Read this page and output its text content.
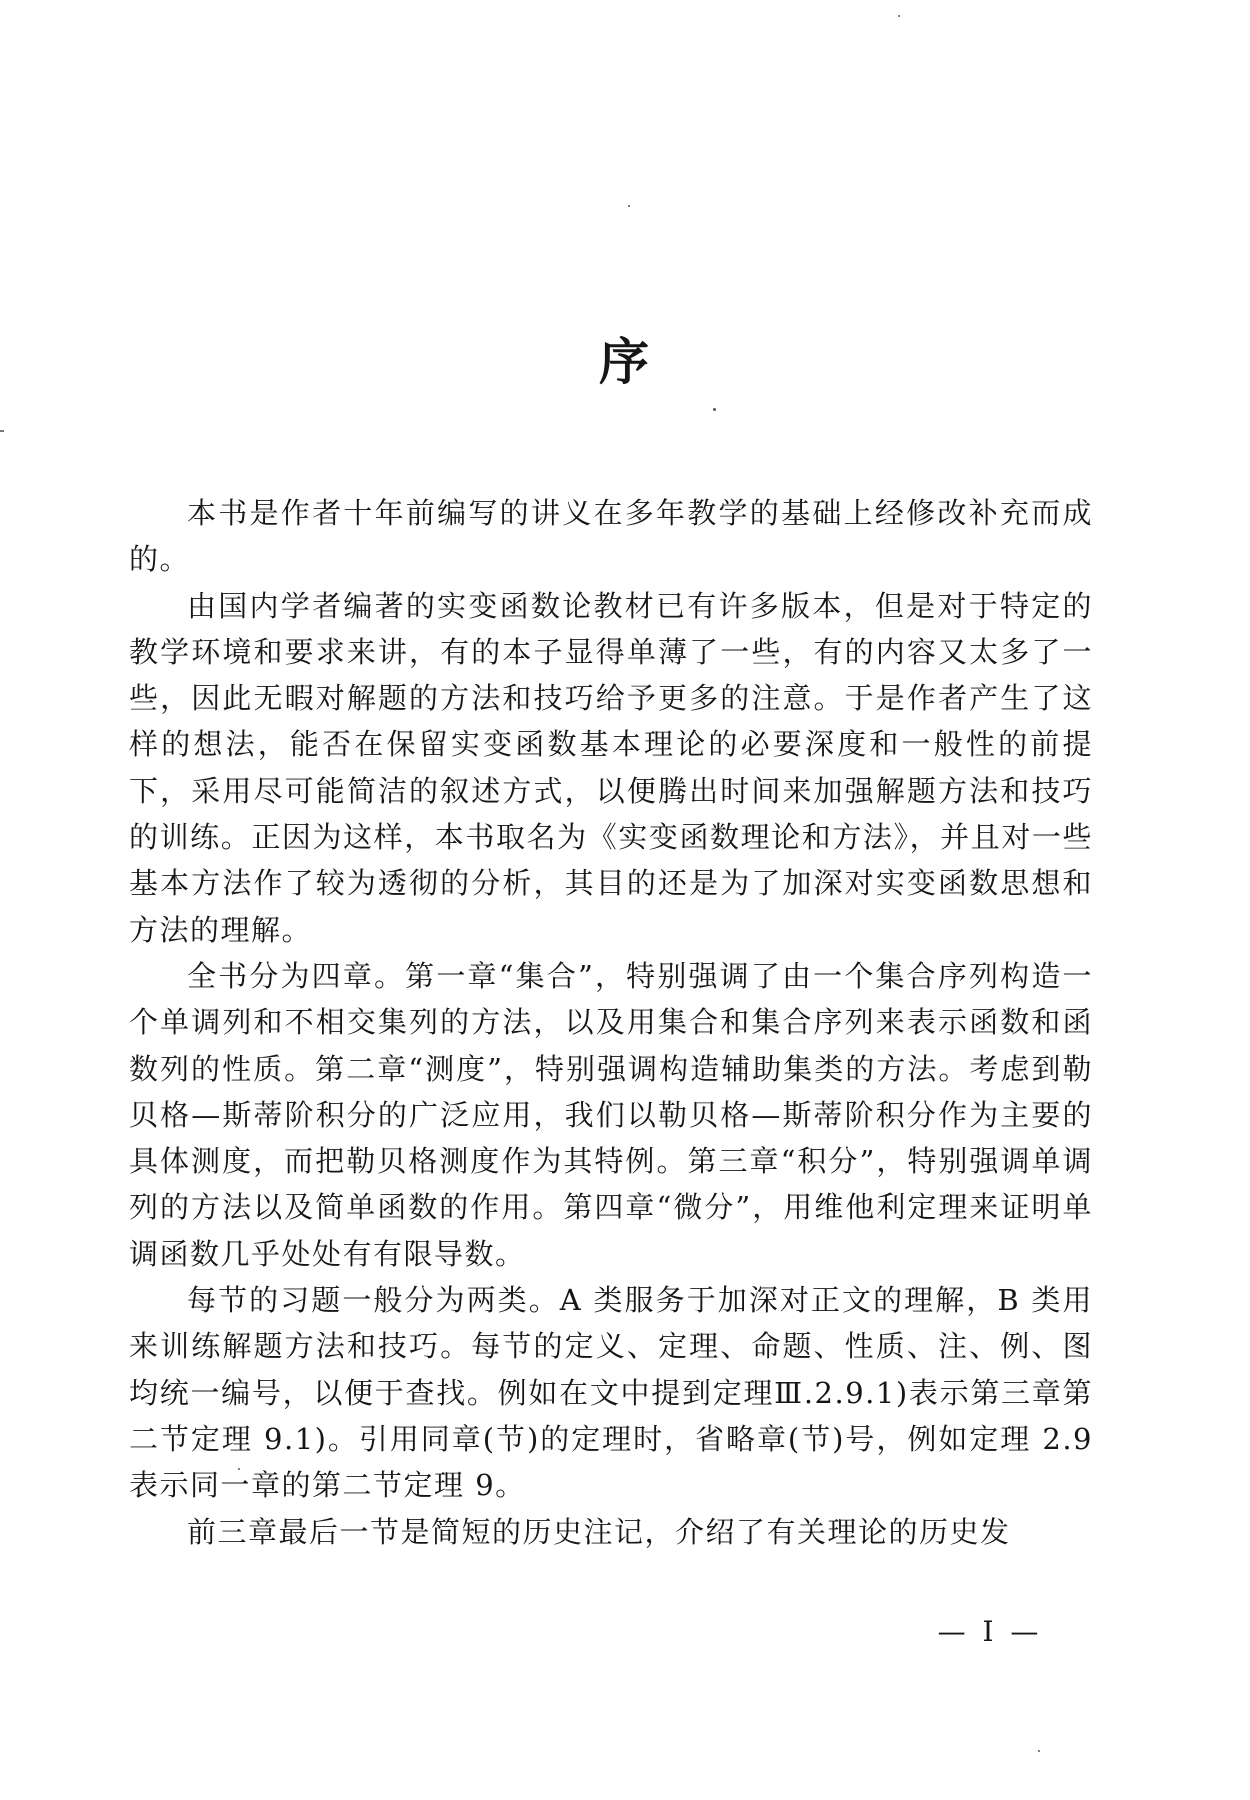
序

本书是作者十年前编写的讲义在多年教学的基础上经修改补充而成的。

由国内学者编著的实变函数论教材已有许多版本，但是对于特定的教学环境和要求来讲，有的本子显得单薄了一些，有的内容又太多了一些，因此无暇对解题的方法和技巧给予更多的注意。于是作者产生了这样的想法，能否在保留实变函数基本理论的必要深度和一般性的前提下，采用尽可能简洁的叙述方式，以便腾出时间来加强解题方法和技巧的训练。正因为这样，本书取名为《实变函数理论和方法》，并且对一些基本方法作了较为透彻的分析，其目的还是为了加深对实变函数思想和方法的理解。

全书分为四章。第一章“集合”，特别强调了由一个集合序列构造一个单调列和不相交集列的方法，以及用集合和集合序列来表示函数和函数列的性质。第二章“测度”，特别强调构造辅助集类的方法。考虑到勒贝格—斯蒂阶积分的广泛应用，我们以勒贝格—斯蒂阶积分作为主要的具体测度，而把勒贝格测度作为其特例。第三章“积分”，特别强调单调列的方法以及简单函数的作用。第四章“微分”，用维他利定理来证明单调函数几乎处处有有限导数。

每节的习题一般分为两类。A 类服务于加深对正文的理解，B 类用来训练解题方法和技巧。每节的定义、定理、命题、性质、注、例、图均统一编号，以便于查找。例如在文中提到定理Ⅲ.2.9.1)表示第三章第二节定理 9.1)。引用同章(节)的定理时，省略章(节)号，例如定理 2.9 表示同一章的第二节定理 9。

前三章最后一节是简短的历史注记，介绍了有关理论的历史发

— I —
